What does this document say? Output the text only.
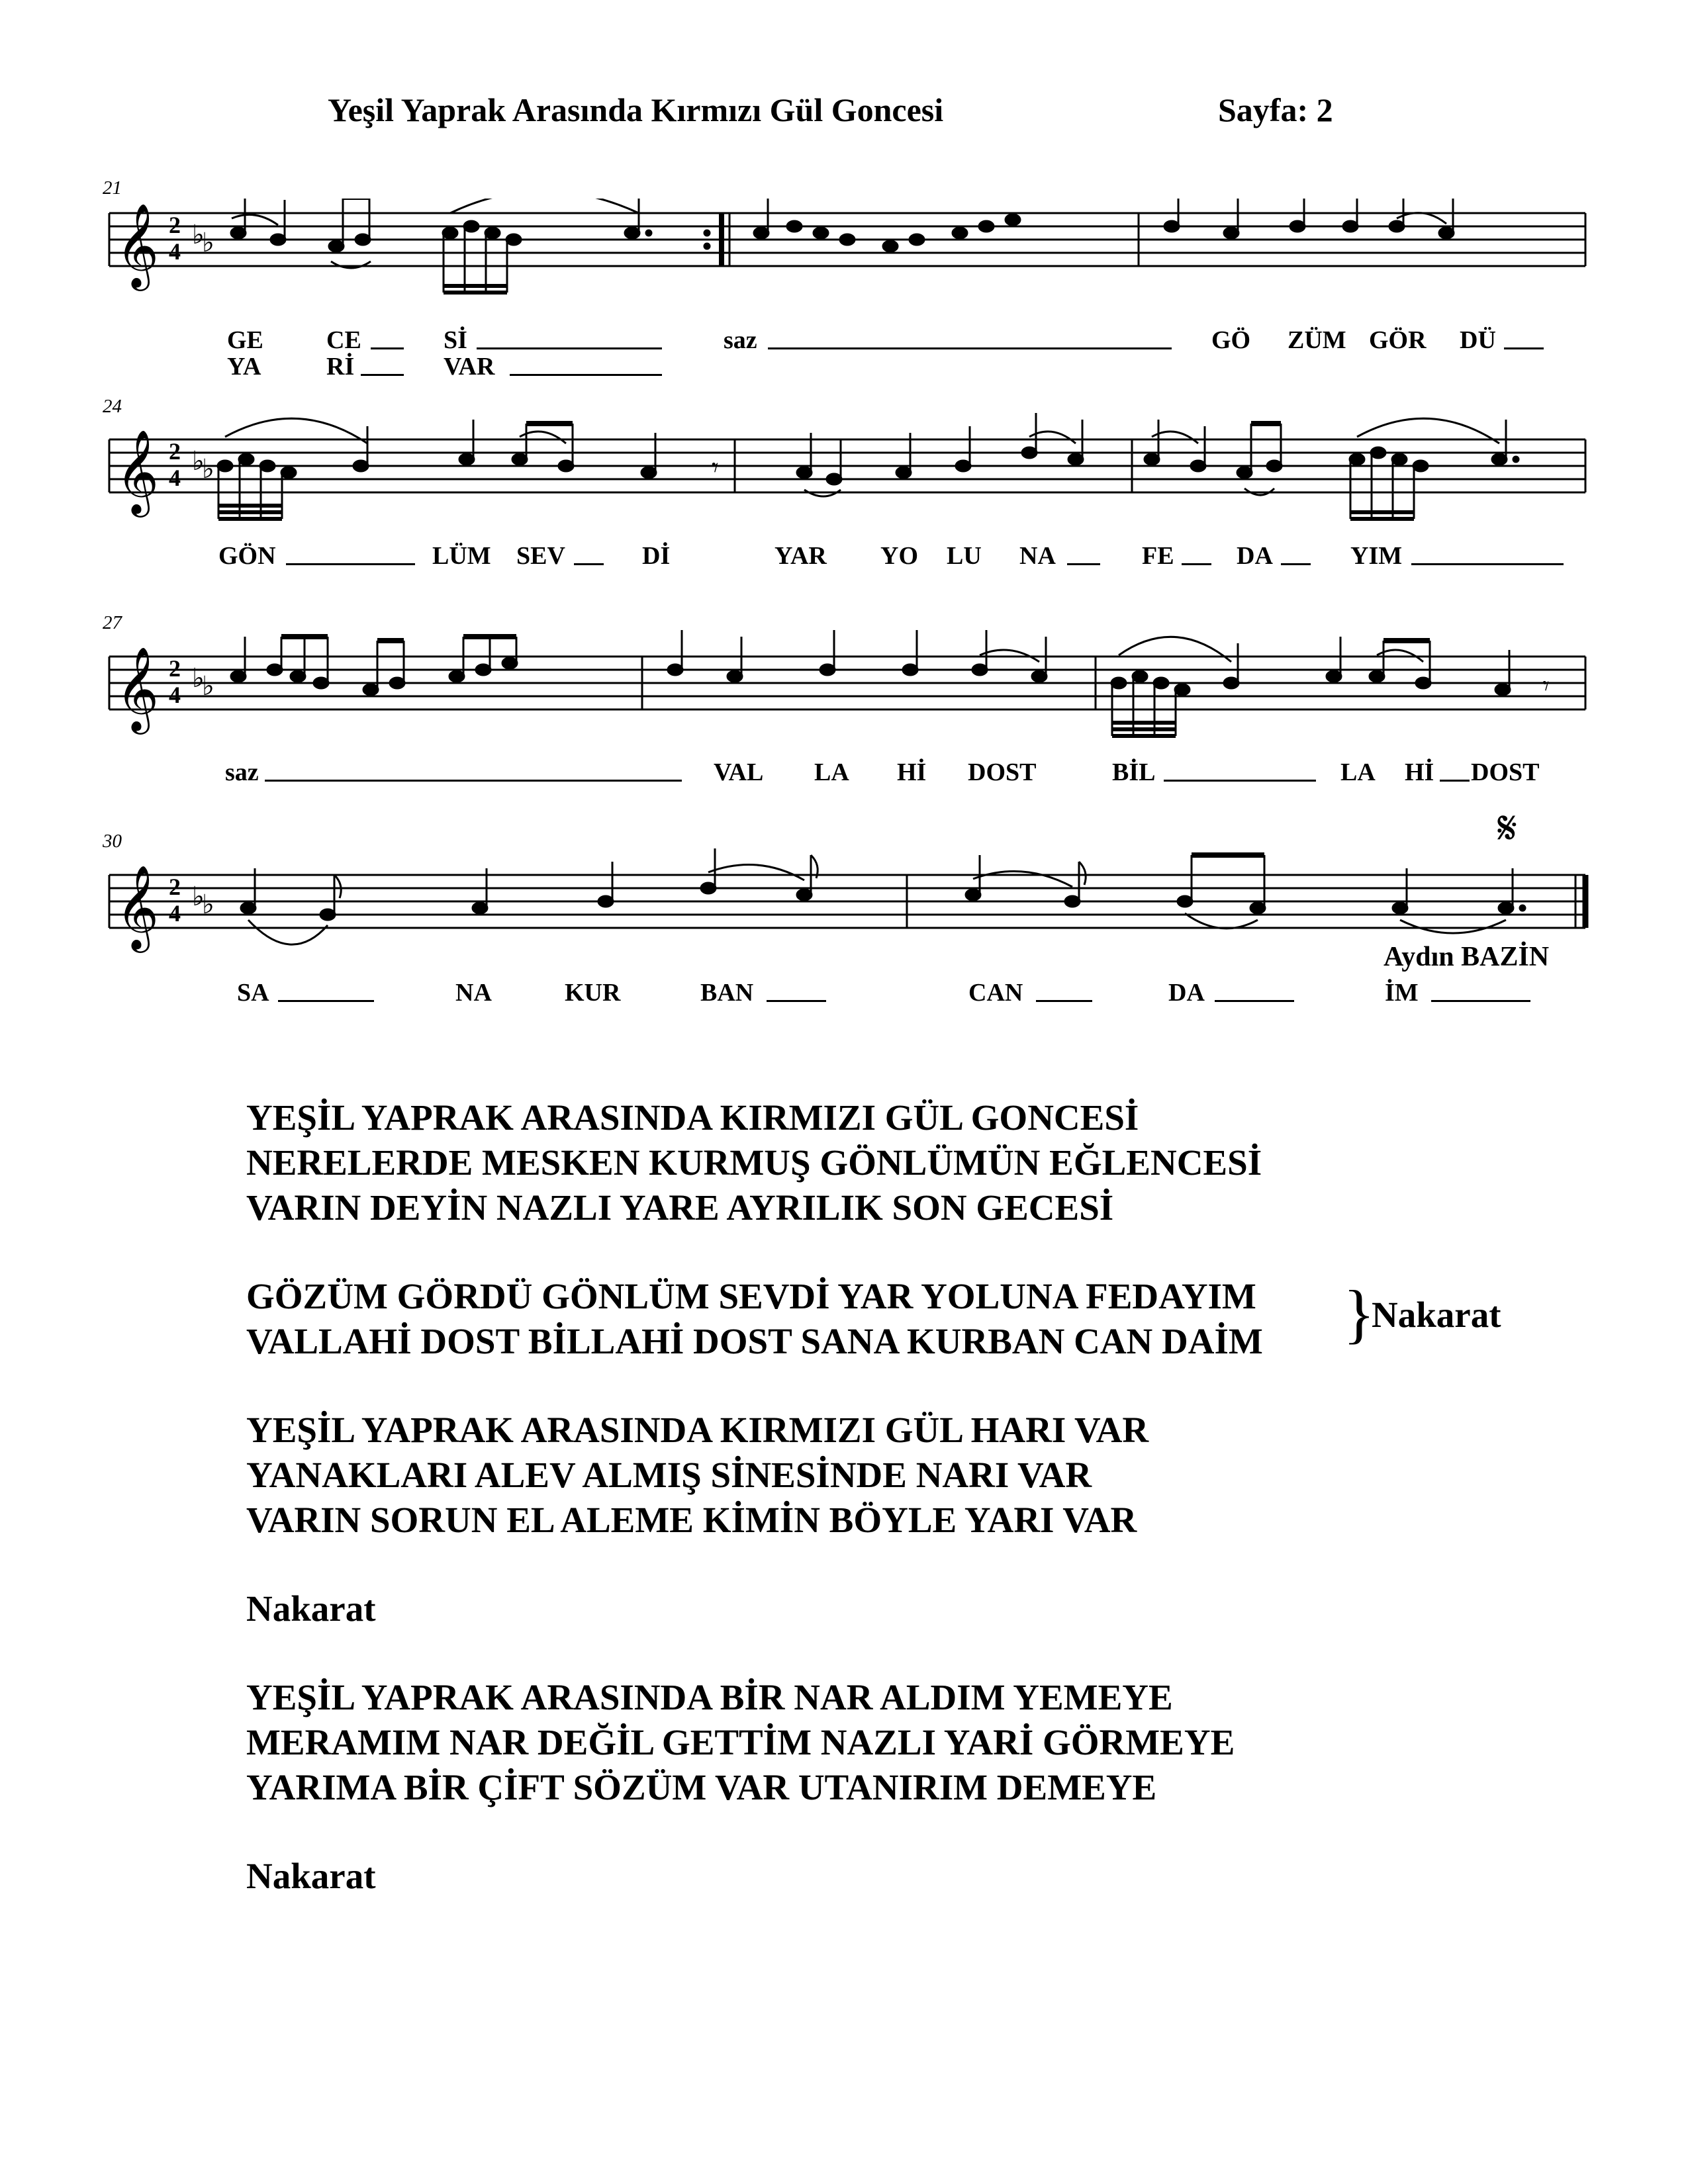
Yeşil Yaprak Arasında Kırmızı Gül Goncesi	Sayfa: 2
21
𝄞 2
4
♭
♭
GE	CE	Sİ	saz	GÖ ZÜM GÖR DÜ
YA	Rİ	VAR
24
𝄞 2
4
♭
♭	𝄾
GÖN	LÜM SEV	Dİ	YAR YO LU NA	FE DA	YIM
27
𝄞 2
4
♭
♭	𝄾
saz	VAL LA Hİ DOST	BİL	LA Hİ DOST
30	𝄋
𝄞 2
4
♭
♭
Aydın BAZİN
SA	NA	KUR	BAN	CAN	DA	İM
YEŞİL YAPRAK ARASINDA KIRMIZI GÜL GONCESİ
NERELERDE MESKEN KURMUŞ GÖNLÜMÜN EĞLENCESİ
VARIN DEYİN NAZLI YARE AYRILIK SON GECESİ
GÖZÜM GÖRDÜ GÖNLÜM SEVDİ YAR YOLUNA FEDAYIM
VALLAHİ DOST BİLLAHİ DOST SANA KURBAN CAN DAİM	}
Nakarat
YEŞİL YAPRAK ARASINDA KIRMIZI GÜL HARI VAR
YANAKLARI ALEV ALMIŞ SİNESİNDE NARI VAR
VARIN SORUN EL ALEME KİMİN BÖYLE YARI VAR
Nakarat
YEŞİL YAPRAK ARASINDA BİR NAR ALDIM YEMEYE
MERAMIM NAR DEĞİL GETTİM NAZLI YARİ GÖRMEYE
YARIMA BİR ÇİFT SÖZÜM VAR UTANIRIM DEMEYE
Nakarat
